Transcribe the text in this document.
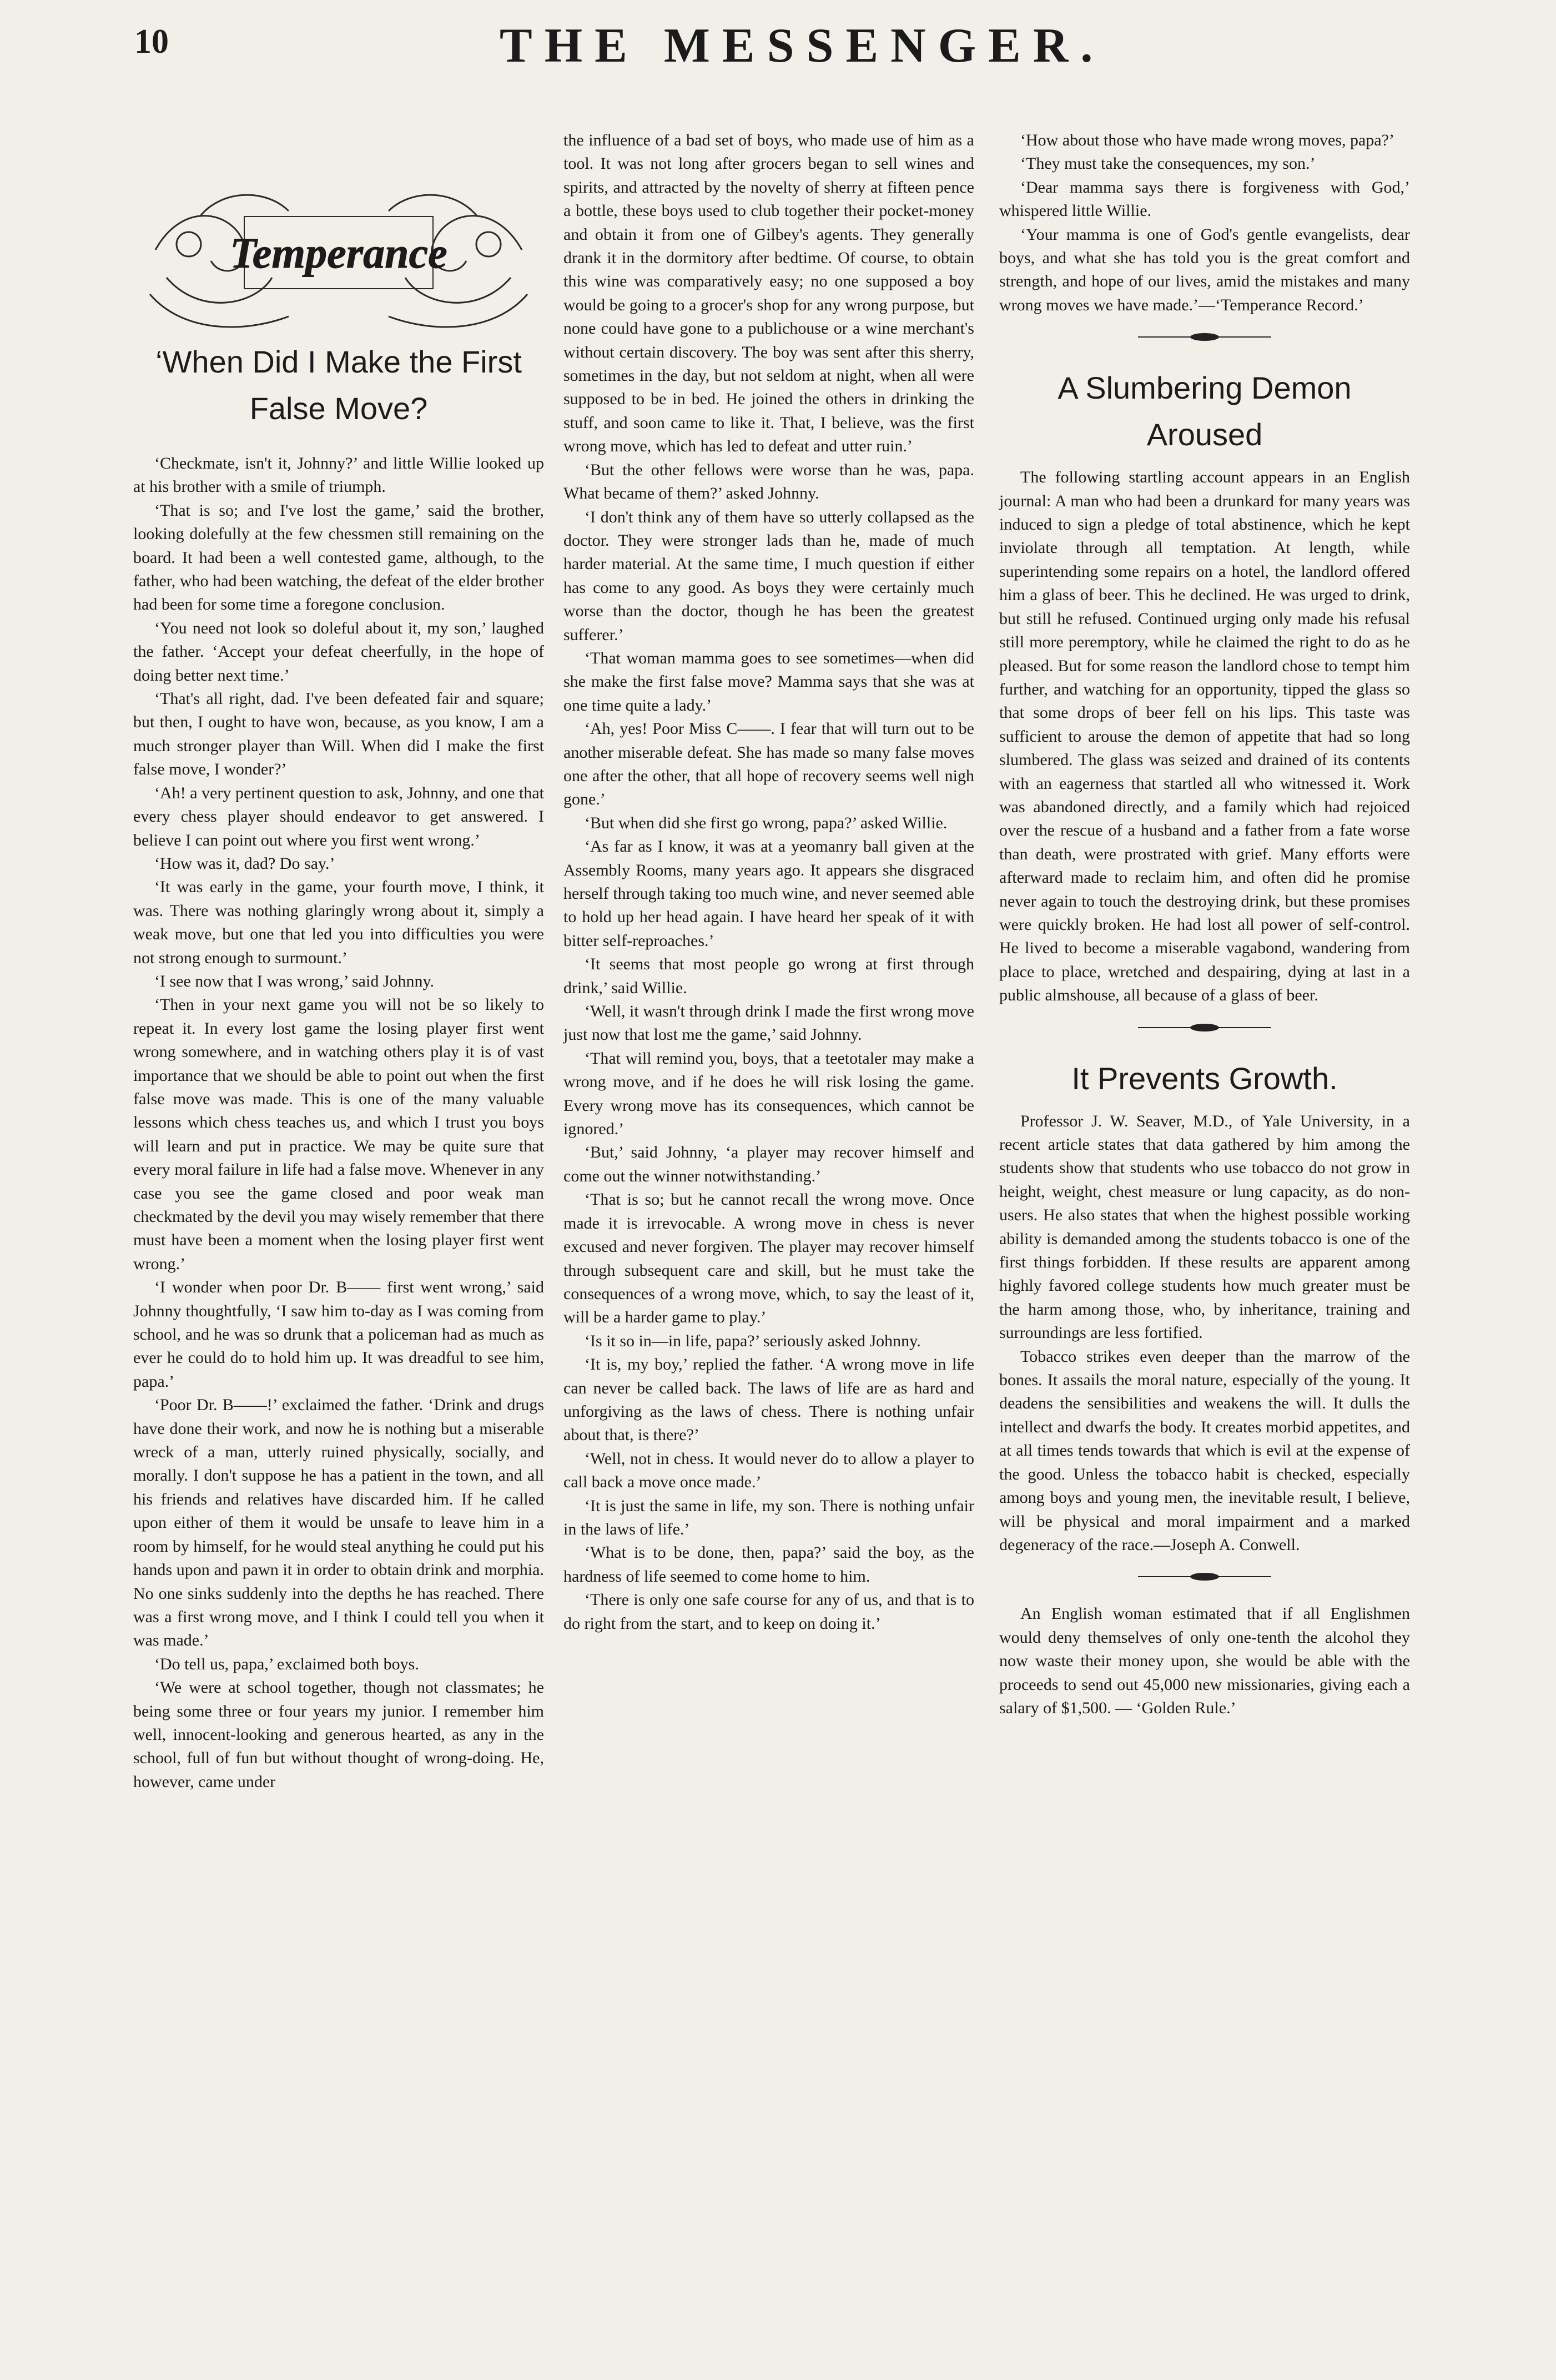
10	THE MESSENGER.
Temperance
‘When Did I Make the First False Move?

‘Checkmate, isn't it, Johnny?’ and little Willie looked up at his brother with a smile of triumph.

‘That is so; and I've lost the game,’ said the brother, looking dolefully at the few chessmen still remaining on the board. It had been a well contested game, although, to the father, who had been watching, the defeat of the elder brother had been for some time a foregone conclusion.

‘You need not look so doleful about it, my son,’ laughed the father. ‘Accept your defeat cheerfully, in the hope of doing better next time.’

‘That's all right, dad. I've been defeated fair and square; but then, I ought to have won, because, as you know, I am a much stronger player than Will. When did I make the first false move, I wonder?’

‘Ah! a very pertinent question to ask, Johnny, and one that every chess player should endeavor to get answered. I believe I can point out where you first went wrong.’

‘How was it, dad? Do say.’

‘It was early in the game, your fourth move, I think, it was. There was nothing glaringly wrong about it, simply a weak move, but one that led you into difficulties you were not strong enough to surmount.’

‘I see now that I was wrong,’ said Johnny.

‘Then in your next game you will not be so likely to repeat it. In every lost game the losing player first went wrong somewhere, and in watching others play it is of vast importance that we should be able to point out when the first false move was made. This is one of the many valuable lessons which chess teaches us, and which I trust you boys will learn and put in practice. We may be quite sure that every moral failure in life had a false move. Whenever in any case you see the game closed and poor weak man checkmated by the devil you may wisely remember that there must have been a moment when the losing player first went wrong.’

‘I wonder when poor Dr. B—— first went wrong,’ said Johnny thoughtfully, ‘I saw him to-day as I was coming from school, and he was so drunk that a policeman had as much as ever he could do to hold him up. It was dreadful to see him, papa.’

‘Poor Dr. B——!’ exclaimed the father. ‘Drink and drugs have done their work, and now he is nothing but a miserable wreck of a man, utterly ruined physically, socially, and morally. I don't suppose he has a patient in the town, and all his friends and relatives have discarded him. If he called upon either of them it would be unsafe to leave him in a room by himself, for he would steal anything he could put his hands upon and pawn it in order to obtain drink and morphia. No one sinks suddenly into the depths he has reached. There was a first wrong move, and I think I could tell you when it was made.’

‘Do tell us, papa,’ exclaimed both boys.

‘We were at school together, though not classmates; he being some three or four years my junior. I remember him well, innocent-looking and generous hearted, as any in the school, full of fun but without thought of wrong-doing. He, however, came under

the influence of a bad set of boys, who made use of him as a tool. It was not long after grocers began to sell wines and spirits, and attracted by the novelty of sherry at fifteen pence a bottle, these boys used to club together their pocket-money and obtain it from one of Gilbey's agents. They generally drank it in the dormitory after bedtime. Of course, to obtain this wine was comparatively easy; no one supposed a boy would be going to a grocer's shop for any wrong purpose, but none could have gone to a publichouse or a wine merchant's without certain discovery. The boy was sent after this sherry, sometimes in the day, but not seldom at night, when all were supposed to be in bed. He joined the others in drinking the stuff, and soon came to like it. That, I believe, was the first wrong move, which has led to defeat and utter ruin.’

‘But the other fellows were worse than he was, papa. What became of them?’ asked Johnny.

‘I don't think any of them have so utterly collapsed as the doctor. They were stronger lads than he, made of much harder material. At the same time, I much question if either has come to any good. As boys they were certainly much worse than the doctor, though he has been the greatest sufferer.’

‘That woman mamma goes to see sometimes—when did she make the first false move? Mamma says that she was at one time quite a lady.’

‘Ah, yes! Poor Miss C——. I fear that will turn out to be another miserable defeat. She has made so many false moves one after the other, that all hope of recovery seems well nigh gone.’

‘But when did she first go wrong, papa?’ asked Willie.

‘As far as I know, it was at a yeomanry ball given at the Assembly Rooms, many years ago. It appears she disgraced herself through taking too much wine, and never seemed able to hold up her head again. I have heard her speak of it with bitter self-reproaches.’

‘It seems that most people go wrong at first through drink,’ said Willie.

‘Well, it wasn't through drink I made the first wrong move just now that lost me the game,’ said Johnny.

‘That will remind you, boys, that a teetotaler may make a wrong move, and if he does he will risk losing the game. Every wrong move has its consequences, which cannot be ignored.’

‘But,’ said Johnny, ‘a player may recover himself and come out the winner notwithstanding.’

‘That is so; but he cannot recall the wrong move. Once made it is irrevocable. A wrong move in chess is never excused and never forgiven. The player may recover himself through subsequent care and skill, but he must take the consequences of a wrong move, which, to say the least of it, will be a harder game to play.’

‘Is it so in—in life, papa?’ seriously asked Johnny.

‘It is, my boy,’ replied the father. ‘A wrong move in life can never be called back. The laws of life are as hard and unforgiving as the laws of chess. There is nothing unfair about that, is there?’

‘Well, not in chess. It would never do to allow a player to call back a move once made.’

‘It is just the same in life, my son. There is nothing unfair in the laws of life.’

‘What is to be done, then, papa?’ said the boy, as the hardness of life seemed to come home to him.

‘There is only one safe course for any of us, and that is to do right from the start, and to keep on doing it.’

‘How about those who have made wrong moves, papa?’

‘They must take the consequences, my son.’

‘Dear mamma says there is forgiveness with God,’ whispered little Willie.

‘Your mamma is one of God's gentle evangelists, dear boys, and what she has told you is the great comfort and strength, and hope of our lives, amid the mistakes and many wrong moves we have made.’—‘Temperance Record.’

A Slumbering Demon Aroused

The following startling account appears in an English journal: A man who had been a drunkard for many years was induced to sign a pledge of total abstinence, which he kept inviolate through all temptation. At length, while superintending some repairs on a hotel, the landlord offered him a glass of beer. This he declined. He was urged to drink, but still he refused. Continued urging only made his refusal still more peremptory, while he claimed the right to do as he pleased. But for some reason the landlord chose to tempt him further, and watching for an opportunity, tipped the glass so that some drops of beer fell on his lips. This taste was sufficient to arouse the demon of appetite that had so long slumbered. The glass was seized and drained of its contents with an eagerness that startled all who witnessed it. Work was abandoned directly, and a family which had rejoiced over the rescue of a husband and a father from a fate worse than death, were prostrated with grief. Many efforts were afterward made to reclaim him, and often did he promise never again to touch the destroying drink, but these promises were quickly broken. He had lost all power of self-control. He lived to become a miserable vagabond, wandering from place to place, wretched and despairing, dying at last in a public almshouse, all because of a glass of beer.

It Prevents Growth.

Professor J. W. Seaver, M.D., of Yale University, in a recent article states that data gathered by him among the students show that students who use tobacco do not grow in height, weight, chest measure or lung capacity, as do non-users. He also states that when the highest possible working ability is demanded among the students tobacco is one of the first things forbidden. If these results are apparent among highly favored college students how much greater must be the harm among those, who, by inheritance, training and surroundings are less fortified.

Tobacco strikes even deeper than the marrow of the bones. It assails the moral nature, especially of the young. It deadens the sensibilities and weakens the will. It dulls the intellect and dwarfs the body. It creates morbid appetites, and at all times tends towards that which is evil at the expense of the good. Unless the tobacco habit is checked, especially among boys and young men, the inevitable result, I believe, will be physical and moral impairment and a marked degeneracy of the race.—Joseph A. Conwell.

An English woman estimated that if all Englishmen would deny themselves of only one-tenth the alcohol they now waste their money upon, she would be able with the proceeds to send out 45,000 new missionaries, giving each a salary of $1,500. — ‘Golden Rule.’
